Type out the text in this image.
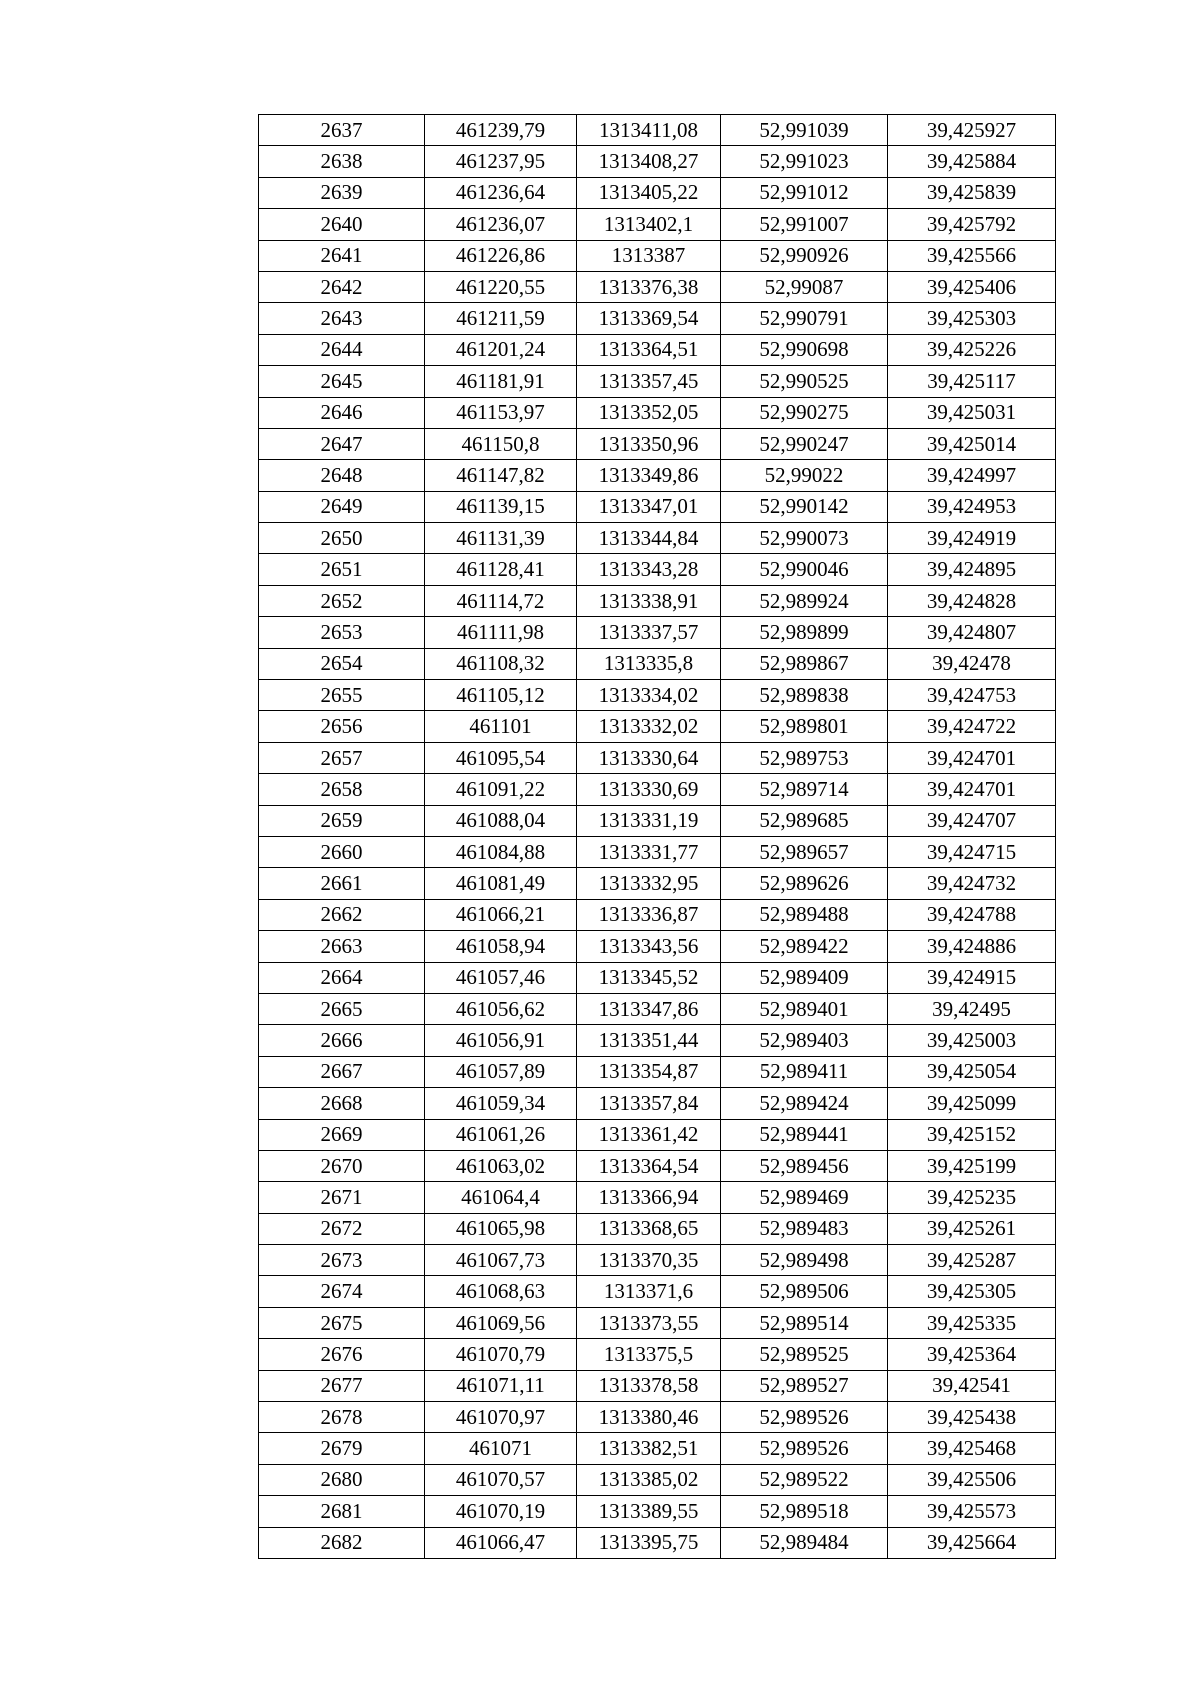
2637	461239,79	1313411,08	52,991039	39,425927
2638	461237,95	1313408,27	52,991023	39,425884
2639	461236,64	1313405,22	52,991012	39,425839
2640	461236,07	1313402,1	52,991007	39,425792
2641	461226,86	1313387	52,990926	39,425566
2642	461220,55	1313376,38	52,99087	39,425406
2643	461211,59	1313369,54	52,990791	39,425303
2644	461201,24	1313364,51	52,990698	39,425226
2645	461181,91	1313357,45	52,990525	39,425117
2646	461153,97	1313352,05	52,990275	39,425031
2647	461150,8	1313350,96	52,990247	39,425014
2648	461147,82	1313349,86	52,99022	39,424997
2649	461139,15	1313347,01	52,990142	39,424953
2650	461131,39	1313344,84	52,990073	39,424919
2651	461128,41	1313343,28	52,990046	39,424895
2652	461114,72	1313338,91	52,989924	39,424828
2653	461111,98	1313337,57	52,989899	39,424807
2654	461108,32	1313335,8	52,989867	39,42478
2655	461105,12	1313334,02	52,989838	39,424753
2656	461101	1313332,02	52,989801	39,424722
2657	461095,54	1313330,64	52,989753	39,424701
2658	461091,22	1313330,69	52,989714	39,424701
2659	461088,04	1313331,19	52,989685	39,424707
2660	461084,88	1313331,77	52,989657	39,424715
2661	461081,49	1313332,95	52,989626	39,424732
2662	461066,21	1313336,87	52,989488	39,424788
2663	461058,94	1313343,56	52,989422	39,424886
2664	461057,46	1313345,52	52,989409	39,424915
2665	461056,62	1313347,86	52,989401	39,42495
2666	461056,91	1313351,44	52,989403	39,425003
2667	461057,89	1313354,87	52,989411	39,425054
2668	461059,34	1313357,84	52,989424	39,425099
2669	461061,26	1313361,42	52,989441	39,425152
2670	461063,02	1313364,54	52,989456	39,425199
2671	461064,4	1313366,94	52,989469	39,425235
2672	461065,98	1313368,65	52,989483	39,425261
2673	461067,73	1313370,35	52,989498	39,425287
2674	461068,63	1313371,6	52,989506	39,425305
2675	461069,56	1313373,55	52,989514	39,425335
2676	461070,79	1313375,5	52,989525	39,425364
2677	461071,11	1313378,58	52,989527	39,42541
2678	461070,97	1313380,46	52,989526	39,425438
2679	461071	1313382,51	52,989526	39,425468
2680	461070,57	1313385,02	52,989522	39,425506
2681	461070,19	1313389,55	52,989518	39,425573
2682	461066,47	1313395,75	52,989484	39,425664
